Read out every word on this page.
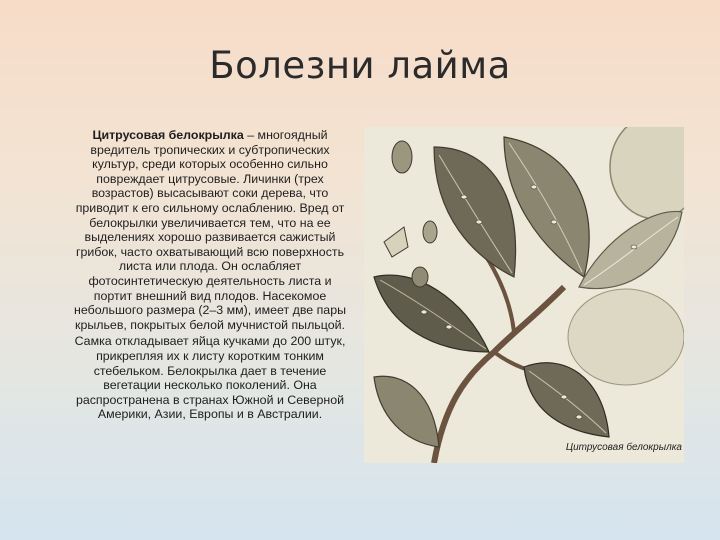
Болезни лайма

Цитрусовая белокрылка – многоядный вредитель тропических и субтропических культур, среди которых особенно сильно повреждает цитрусовые. Личинки (трех возрастов) высасывают соки дерева, что приводит к его сильному ослаблению. Вред от белокрылки увеличивается тем, что на ее выделениях хорошо развивается сажистый грибок, часто охватывающий всю поверхность листа или плода. Он ослабляет фотосинтетическую деятельность листа и портит внешний вид плодов. Насекомое небольшого размера (2–3 мм), имеет две пары крыльев, покрытых белой мучнистой пыльцой.

Самка откладывает яйца кучками до 200 штук, прикрепляя их к листу коротким тонким стебельком. Белокрылка дает в течение вегетации несколько поколений. Она распространена в странах Южной и Северной Америки, Азии, Европы и в Австралии.

Цитрусовая белокрылка
